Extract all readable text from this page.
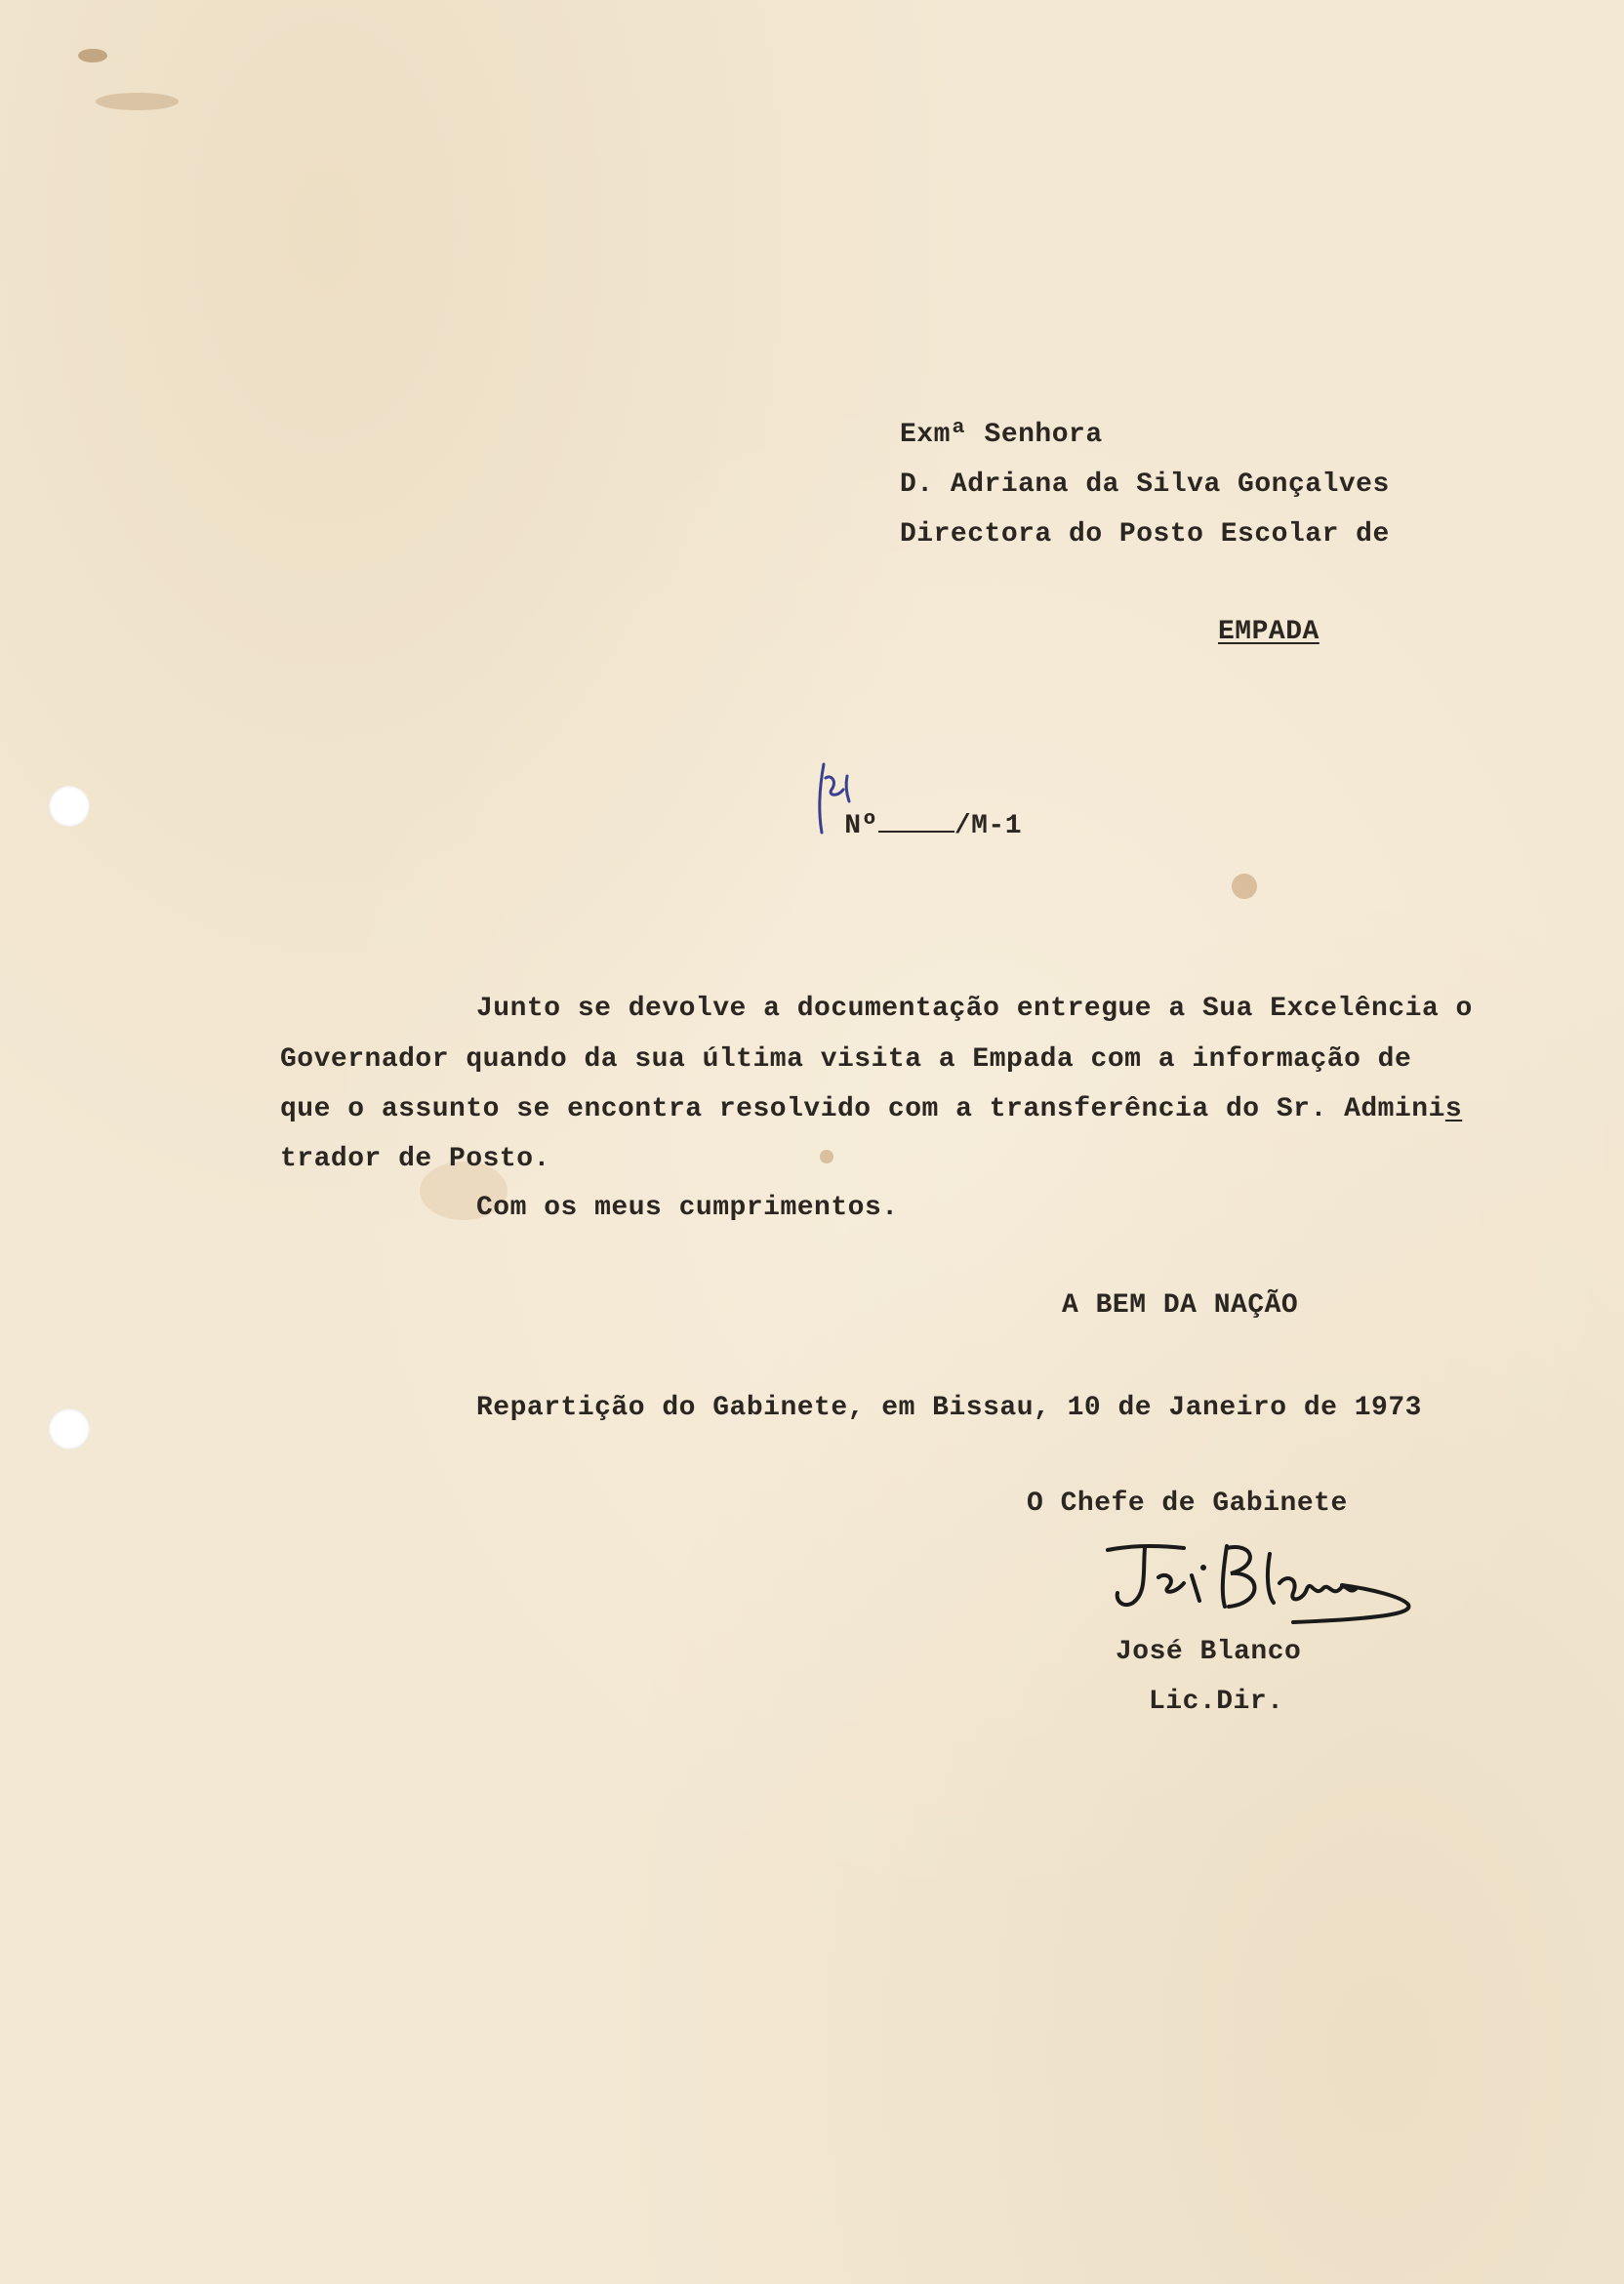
Exmª Senhora
D. Adriana da Silva Gonçalves
Directora do Posto Escolar de
EMPADA

Nº	/M-1

Junto se devolve a documentação entregue a Sua Excelência o
Governador quando da sua última visita a Empada com a informação de
que o assunto se encontra resolvido com a transferência do Sr. Adminis
trador de Posto.
Com os meus cumprimentos.
A BEM DA NAÇÃO
Repartição do Gabinete, em Bissau, 10 de Janeiro de 1973
O Chefe de Gabinete
José Blanco
Lic.Dir.
